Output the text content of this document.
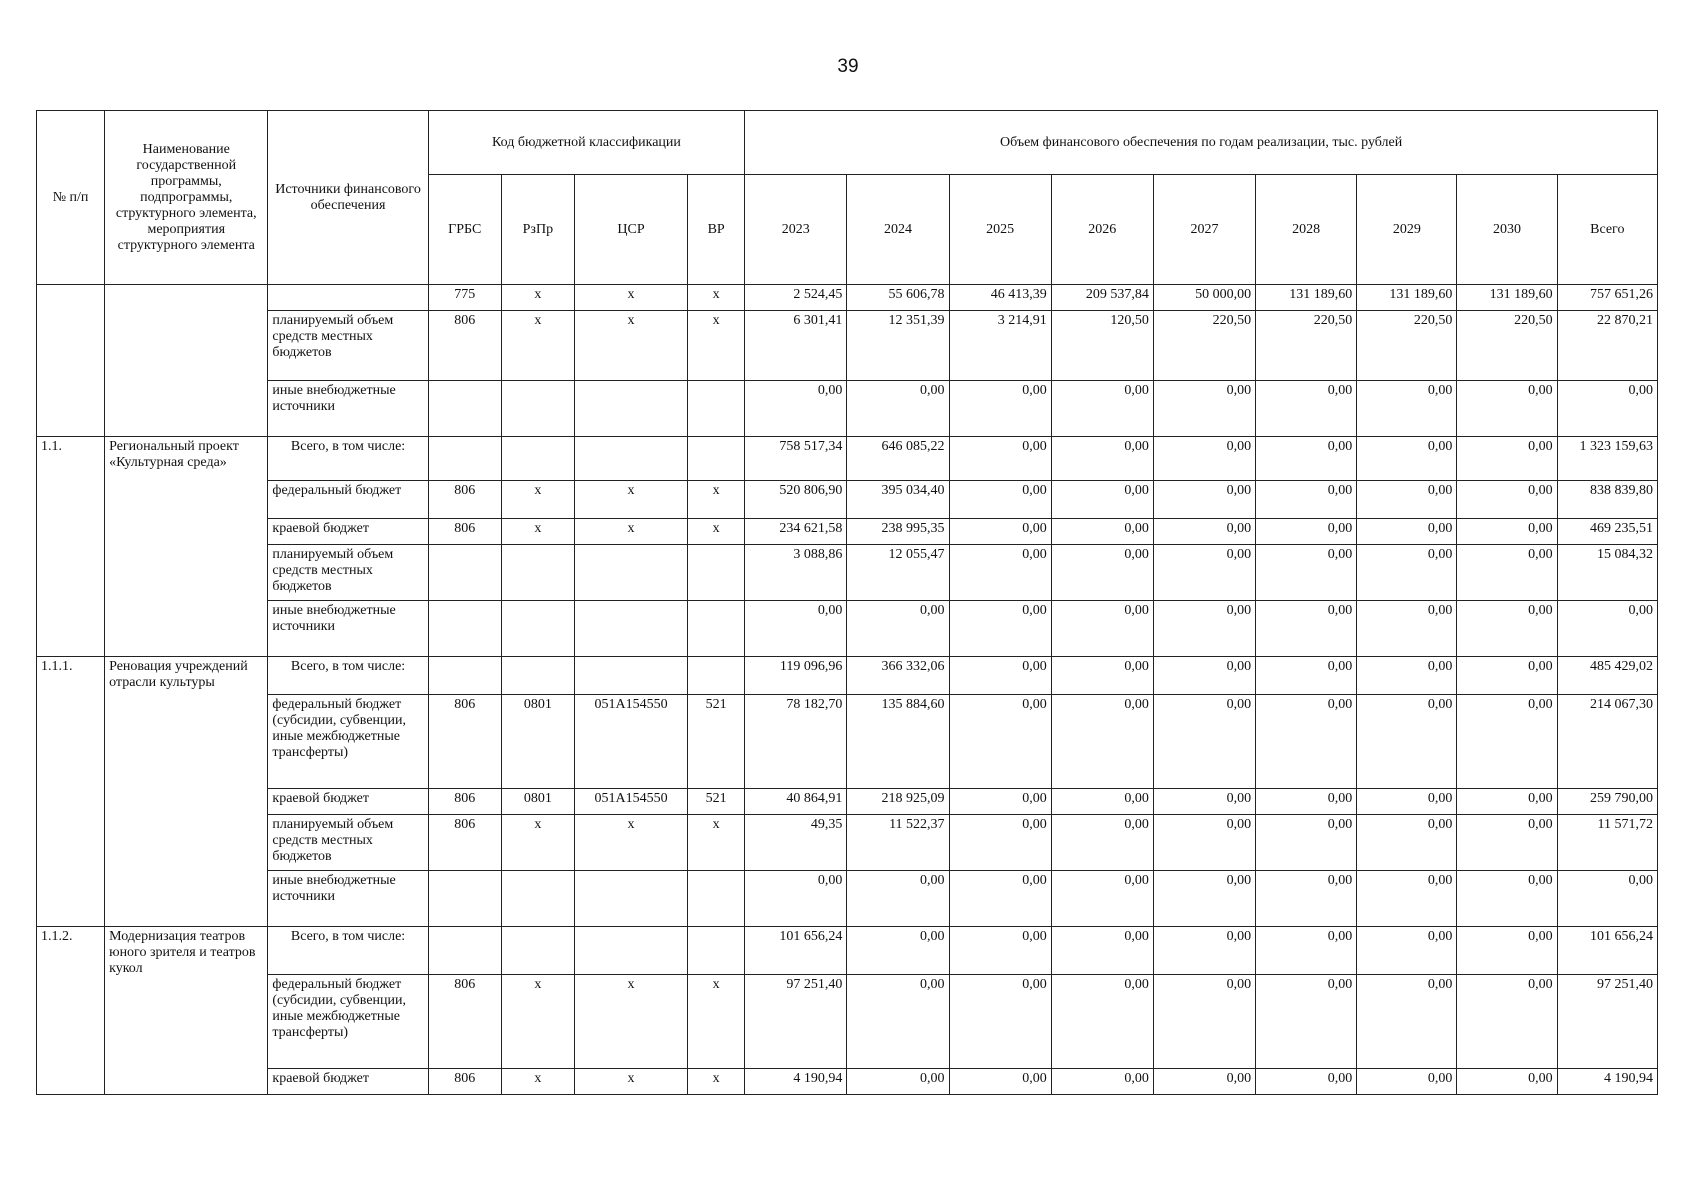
39
№ п/п	Наименование государственной программы, подпрограммы, структурного элемента, мероприятия структурного элемента	Источники финансового обеспечения	Код бюджетной классификации				Объем финансового обеспечения по годам реализации, тыс. рублей								
			ГРБС	РзПр	ЦСР	ВР	2023	2024	2025	2026	2027	2028	2029	2030	Всего
			775	х	х	х	2 524,45	55 606,78	46 413,39	209 537,84	50 000,00	131 189,60	131 189,60	131 189,60	757 651,26
		планируемый объем средств местных бюджетов	806	х	х	х	6 301,41	12 351,39	3 214,91	120,50	220,50	220,50	220,50	220,50	22 870,21
		иные внебюджетные источники					0,00	0,00	0,00	0,00	0,00	0,00	0,00	0,00	0,00
1.1.	Региональный проект «Культурная среда»	Всего, в том числе:					758 517,34	646 085,22	0,00	0,00	0,00	0,00	0,00	0,00	1 323 159,63
		федеральный бюджет	806	х	х	х	520 806,90	395 034,40	0,00	0,00	0,00	0,00	0,00	0,00	838 839,80
		краевой бюджет	806	х	х	х	234 621,58	238 995,35	0,00	0,00	0,00	0,00	0,00	0,00	469 235,51
		планируемый объем средств местных бюджетов					3 088,86	12 055,47	0,00	0,00	0,00	0,00	0,00	0,00	15 084,32
		иные внебюджетные источники					0,00	0,00	0,00	0,00	0,00	0,00	0,00	0,00	0,00
1.1.1.	Реновация учреждений отрасли культуры	Всего, в том числе:					119 096,96	366 332,06	0,00	0,00	0,00	0,00	0,00	0,00	485 429,02
		федеральный бюджет (субсидии, субвенции, иные межбюджетные трансферты)	806	0801	051А154550	521	78 182,70	135 884,60	0,00	0,00	0,00	0,00	0,00	0,00	214 067,30
		краевой бюджет	806	0801	051А154550	521	40 864,91	218 925,09	0,00	0,00	0,00	0,00	0,00	0,00	259 790,00
		планируемый объем средств местных бюджетов	806	х	х	х	49,35	11 522,37	0,00	0,00	0,00	0,00	0,00	0,00	11 571,72
		иные внебюджетные источники					0,00	0,00	0,00	0,00	0,00	0,00	0,00	0,00	0,00
1.1.2.	Модернизация театров юного зрителя и театров кукол	Всего, в том числе:					101 656,24	0,00	0,00	0,00	0,00	0,00	0,00	0,00	101 656,24
		федеральный бюджет (субсидии, субвенции, иные межбюджетные трансферты)	806	х	х	х	97 251,40	0,00	0,00	0,00	0,00	0,00	0,00	0,00	97 251,40
		краевой бюджет	806	х	х	х	4 190,94	0,00	0,00	0,00	0,00	0,00	0,00	0,00	4 190,94
